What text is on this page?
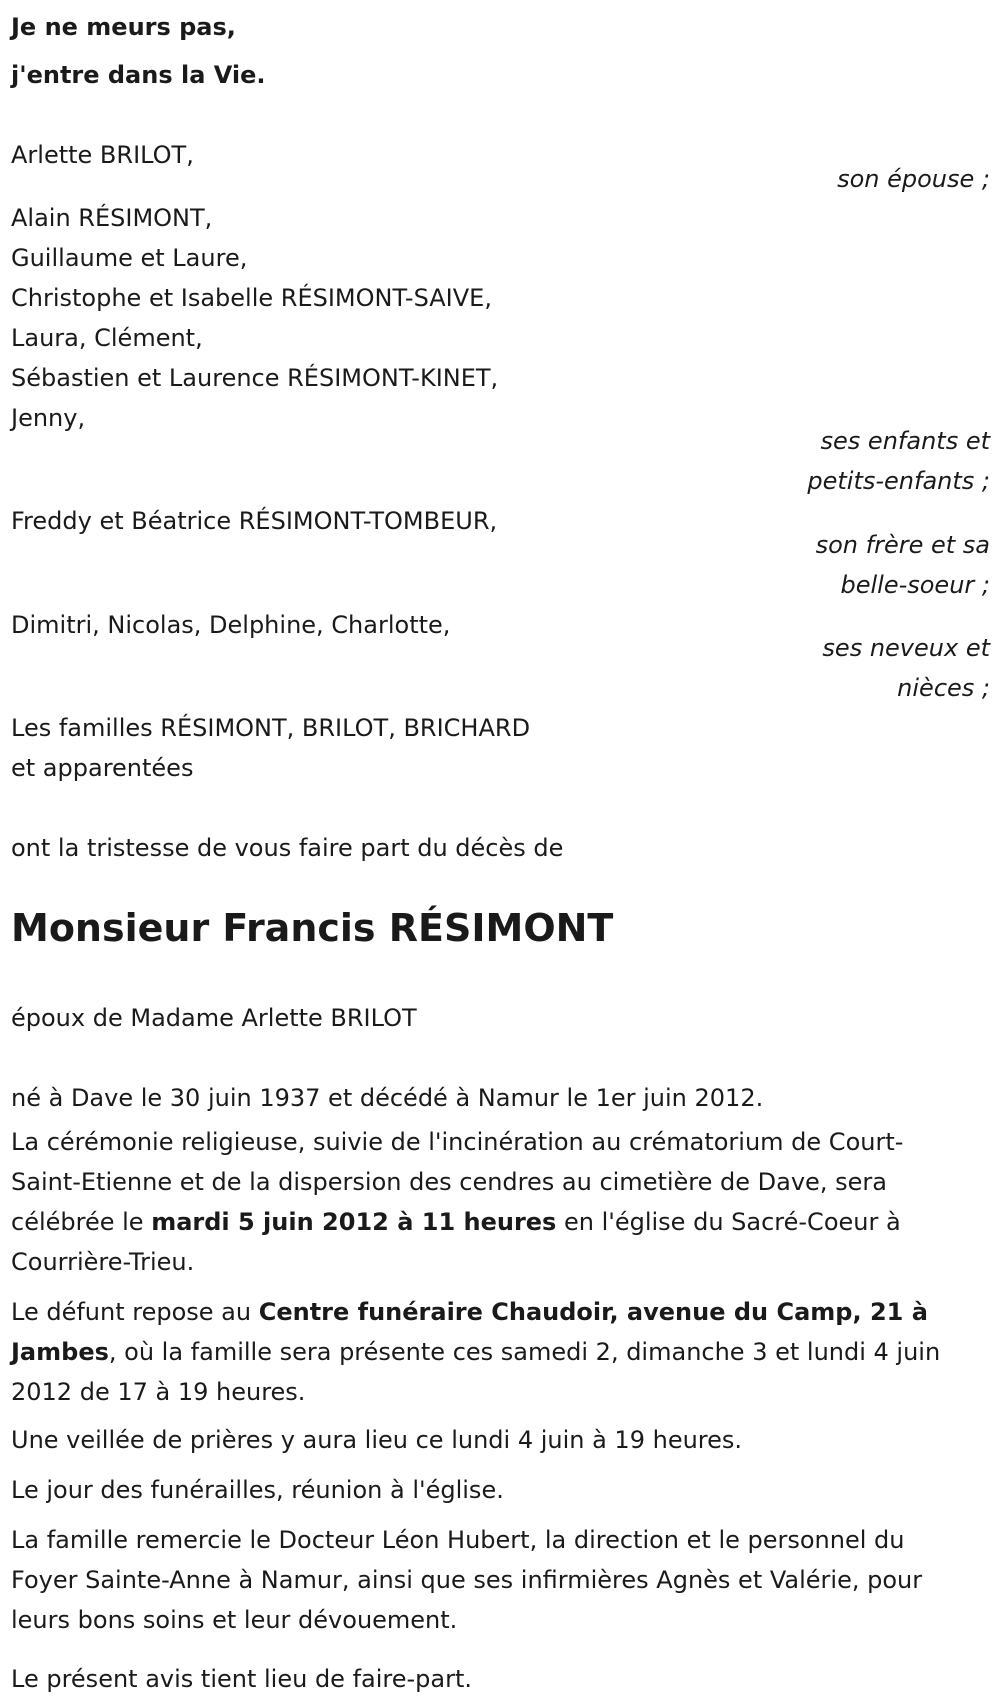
Je ne meurs pas,
j'entre dans la Vie.
Arlette BRILOT,
son épouse ;
Alain RÉSIMONT,
Guillaume et Laure,
Christophe et Isabelle RÉSIMONT-SAIVE,
Laura, Clément,
Sébastien et Laurence RÉSIMONT-KINET,
Jenny,
ses enfants et
petits-enfants ;
Freddy et Béatrice RÉSIMONT-TOMBEUR,
son frère et sa
belle-soeur ;
Dimitri, Nicolas, Delphine, Charlotte,
ses neveux et
nièces ;
Les familles RÉSIMONT, BRILOT, BRICHARD
et apparentées
ont la tristesse de vous faire part du décès de
Monsieur Francis RÉSIMONT
époux de Madame Arlette BRILOT
né à Dave le 30 juin 1937 et décédé à Namur le 1er juin 2012.
La cérémonie religieuse, suivie de l'incinération au crématorium de Court-Saint-Etienne et de la dispersion des cendres au cimetière de Dave, sera célébrée le mardi 5 juin 2012 à 11 heures en l'église du Sacré-Coeur à Courrière-Trieu.
Le défunt repose au Centre funéraire Chaudoir, avenue du Camp, 21 à Jambes, où la famille sera présente ces samedi 2, dimanche 3 et lundi 4 juin 2012 de 17 à 19 heures.
Une veillée de prières y aura lieu ce lundi 4 juin à 19 heures.
Le jour des funérailles, réunion à l'église.
La famille remercie le Docteur Léon Hubert, la direction et le personnel du Foyer Sainte-Anne à Namur, ainsi que ses infirmières Agnès et Valérie, pour leurs bons soins et leur dévouement.
Le présent avis tient lieu de faire-part.
